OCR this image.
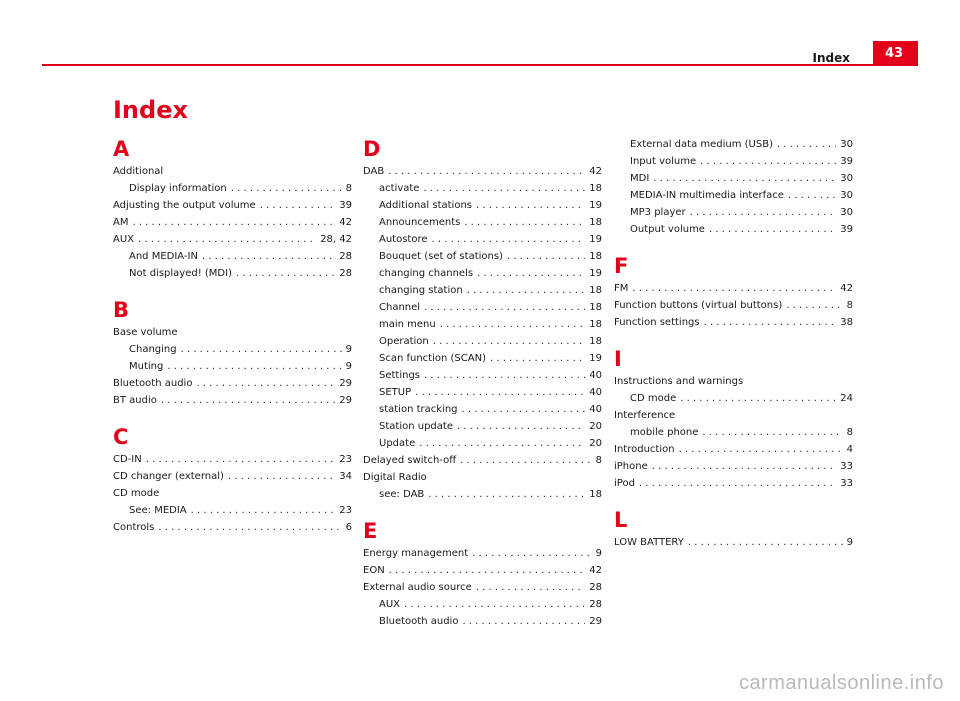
Index	43
Index
A
Additional
Display information . . .	8
Adjusting the output volume . . .	39
AM . . .	42
AUX . . .	28, 42
And MEDIA-IN . . .	28
Not displayed! (MDI) . . .	28
B
Base volume
Changing . . .	9
Muting . . .	9
Bluetooth audio . . .	29
BT audio . . .	29
C
CD-IN . . .	23
CD changer (external) . . .	34
CD mode
See: MEDIA . . .	23
Controls . . .	6
D
DAB . . .	42
activate . . .	18
Additional stations . . .	19
Announcements . . .	18
Autostore . . .	19
Bouquet (set of stations) . . .	18
changing channels . . .	19
changing station . . .	18
Channel . . .	18
main menu . . .	18
Operation . . .	18
Scan function (SCAN) . . .	19
Settings . . .	40
SETUP . . .	40
station tracking . . .	40
Station update . . .	20
Update . . .	20
Delayed switch-off . . .	8
Digital Radio
see: DAB . . .	18
E
Energy management . . .	9
EON . . .	42
External audio source . . .	28
AUX . . .	28
Bluetooth audio . . .	29
External data medium (USB) . . .	30
Input volume . . .	39
MDI . . .	30
MEDIA-IN multimedia interface . . .	30
MP3 player . . .	30
Output volume . . .	39
F
FM . . .	42
Function buttons (virtual buttons) . . .	8
Function settings . . .	38
I
Instructions and warnings
CD mode . . .	24
Interference
mobile phone . . .	8
Introduction . . .	4
iPhone . . .	33
iPod . . .	33
L
LOW BATTERY . . .	9
carmanualsonline.info
